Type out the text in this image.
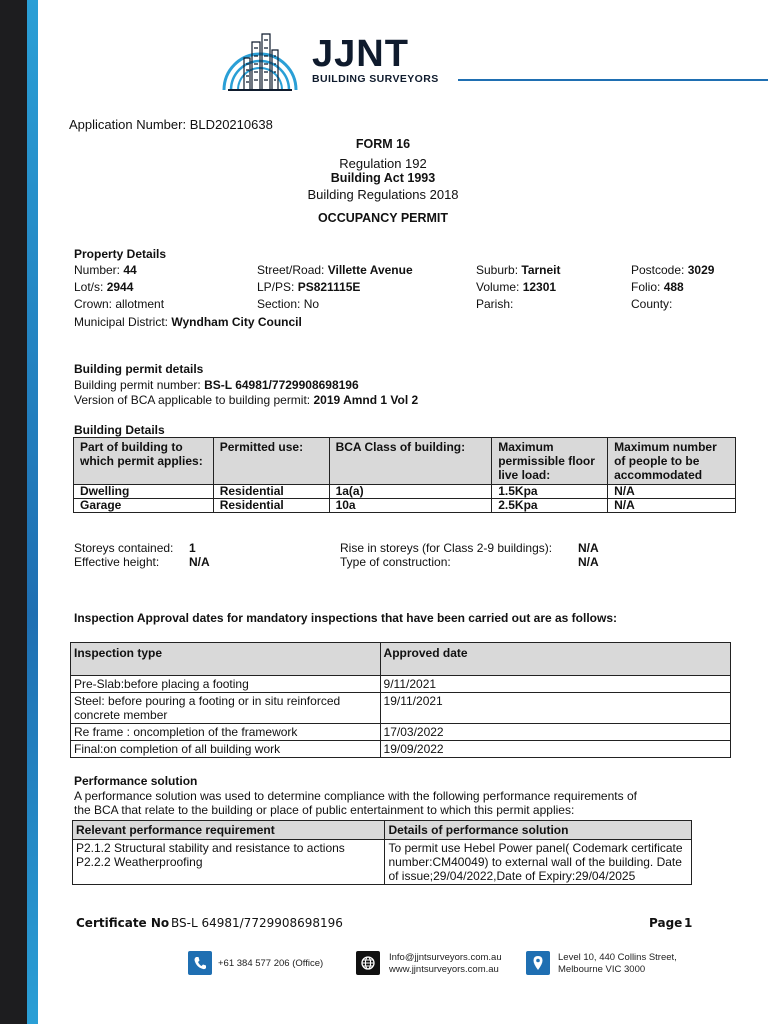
JJNT
BUILDING SURVEYORS
Application Number: BLD20210638
FORM 16
Regulation 192
Building Act 1993
Building Regulations 2018
OCCUPANCY PERMIT
Property Details
Number: 44	Street/Road: Villette Avenue	Suburb: Tarneit	Postcode: 3029
Lot/s: 2944	LP/PS: PS821115E	Volume: 12301	Folio: 488
Crown: allotment	Section: No	Parish:	County:
Municipal District: Wyndham City Council
Building permit details
Building permit number: BS-L 64981/7729908698196
Version of BCA applicable to building permit: 2019 Amnd 1 Vol 2
Building Details
Part of building to which permit applies:	Permitted use:	BCA Class of building:	Maximum permissible floor live load:	Maximum number of people to be accommodated
Dwelling	Residential	1a(a)	1.5Kpa	N/A
Garage	Residential	10a	2.5Kpa	N/A
Storeys contained: 1
Effective height: N/A
Rise in storeys (for Class 2-9 buildings): N/A
Type of construction:	N/A
Inspection Approval dates for mandatory inspections that have been carried out are as follows:
Inspection type	Approved date
Pre-Slab:before placing a footing	9/11/2021
Steel: before pouring a footing or in situ reinforced concrete member	19/11/2021
Re frame : oncompletion of the framework	17/03/2022
Final:on completion of all building work	19/09/2022
Performance solution
A performance solution was used to determine compliance with the following performance requirements of
the BCA that relate to the building or place of public entertainment to which this permit applies:
Relevant performance requirement	Details of performance solution

P2.1.2 Structural stability and resistance to actions
P2.2.2 Weatherproofing	To permit use Hebel Power panel( Codemark certificate number:CM40049) to external wall of the building. Date of issue;29/04/2022,Date of Expiry:29/04/2025
Certificate No BS-L 64981/7729908698196	Page 1
+61 384 577 206 (Office)
Info@jjntsurveyors.com.au
www.jjntsurveyors.com.au
Level 10, 440 Collins Street,
Melbourne VIC 3000
